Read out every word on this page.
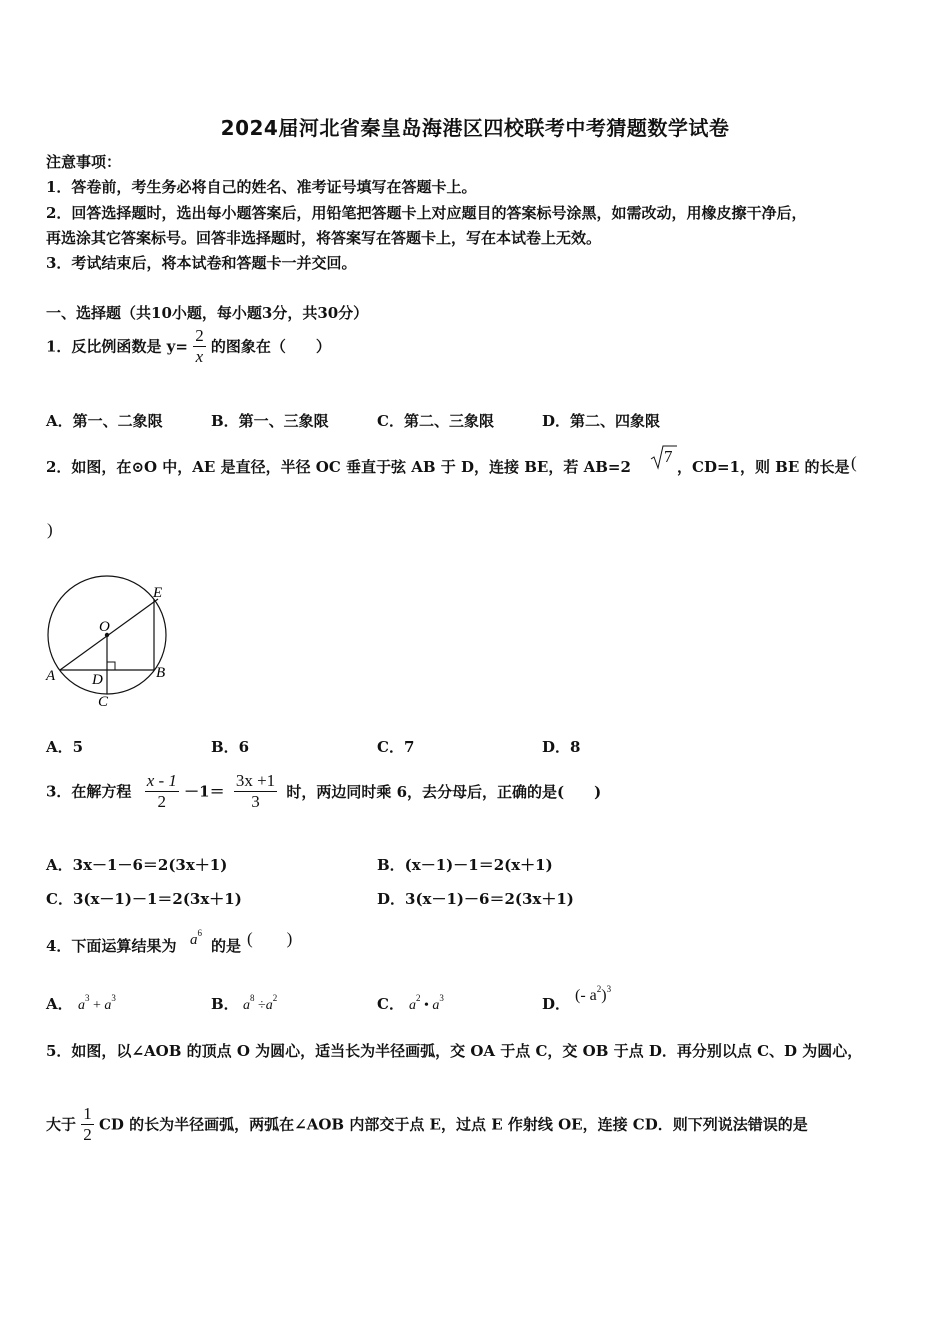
2024届河北省秦皇岛海港区四校联考中考猜题数学试卷
注意事项：
1．答卷前，考生务必将自己的姓名、准考证号填写在答题卡上。
2．回答选择题时，选出每小题答案后，用铅笔把答题卡上对应题目的答案标号涂黑，如需改动，用橡皮擦干净后，
再选涂其它答案标号。回答非选择题时，将答案写在答题卡上，写在本试卷上无效。
3．考试结束后，将本试卷和答题卡一并交回。
一、选择题（共10小题，每小题3分，共30分）
1．反比例函数是 $y= \frac{2}{x}$ 的图象在（　　）
A．第一、二象限	B．第一、三象限	C．第二、三象限	D．第二、四象限
2．如图，在⊙O 中，AE 是直径，半径 OC 垂直于弦 AB 于 D，连接 BE，若 AB=2
7
，CD=1，则 BE 的长是 (
)
E
O
A D	B
C
A．5	B．6	C．7	D．8
3．在解方程 $\frac{x - 1}{2} -1= \frac{3x +1}{3}$ 时，两边同时乘 6，去分母后，正确的是(　　)
A．3x－1－6＝2(3x＋1)	B．(x－1)－1＝2(x＋1)
C．3(x－1)－1＝2(3x＋1)	D．3(x－1)－6＝2(3x＋1)
4．下面运算结果为 $a^6$
的是 (　　)
A． $a^3 + a^3$	B． $a^8 \div a^2$	C． $a^2$ • $a^3$	D． (- $a^2)^3$
5．如图，以∠AOB 的顶点 O 为圆心，适当长为半径画弧，交 OA 于点 C，交 OB 于点 D．再分别以点 C、D 为圆心，
大于 $\frac{1}{2}$ CD 的长为半径画弧，两弧在∠AOB 内部交于点 E，过点 E 作射线 OE，连接 CD．则下列说法错误的是
